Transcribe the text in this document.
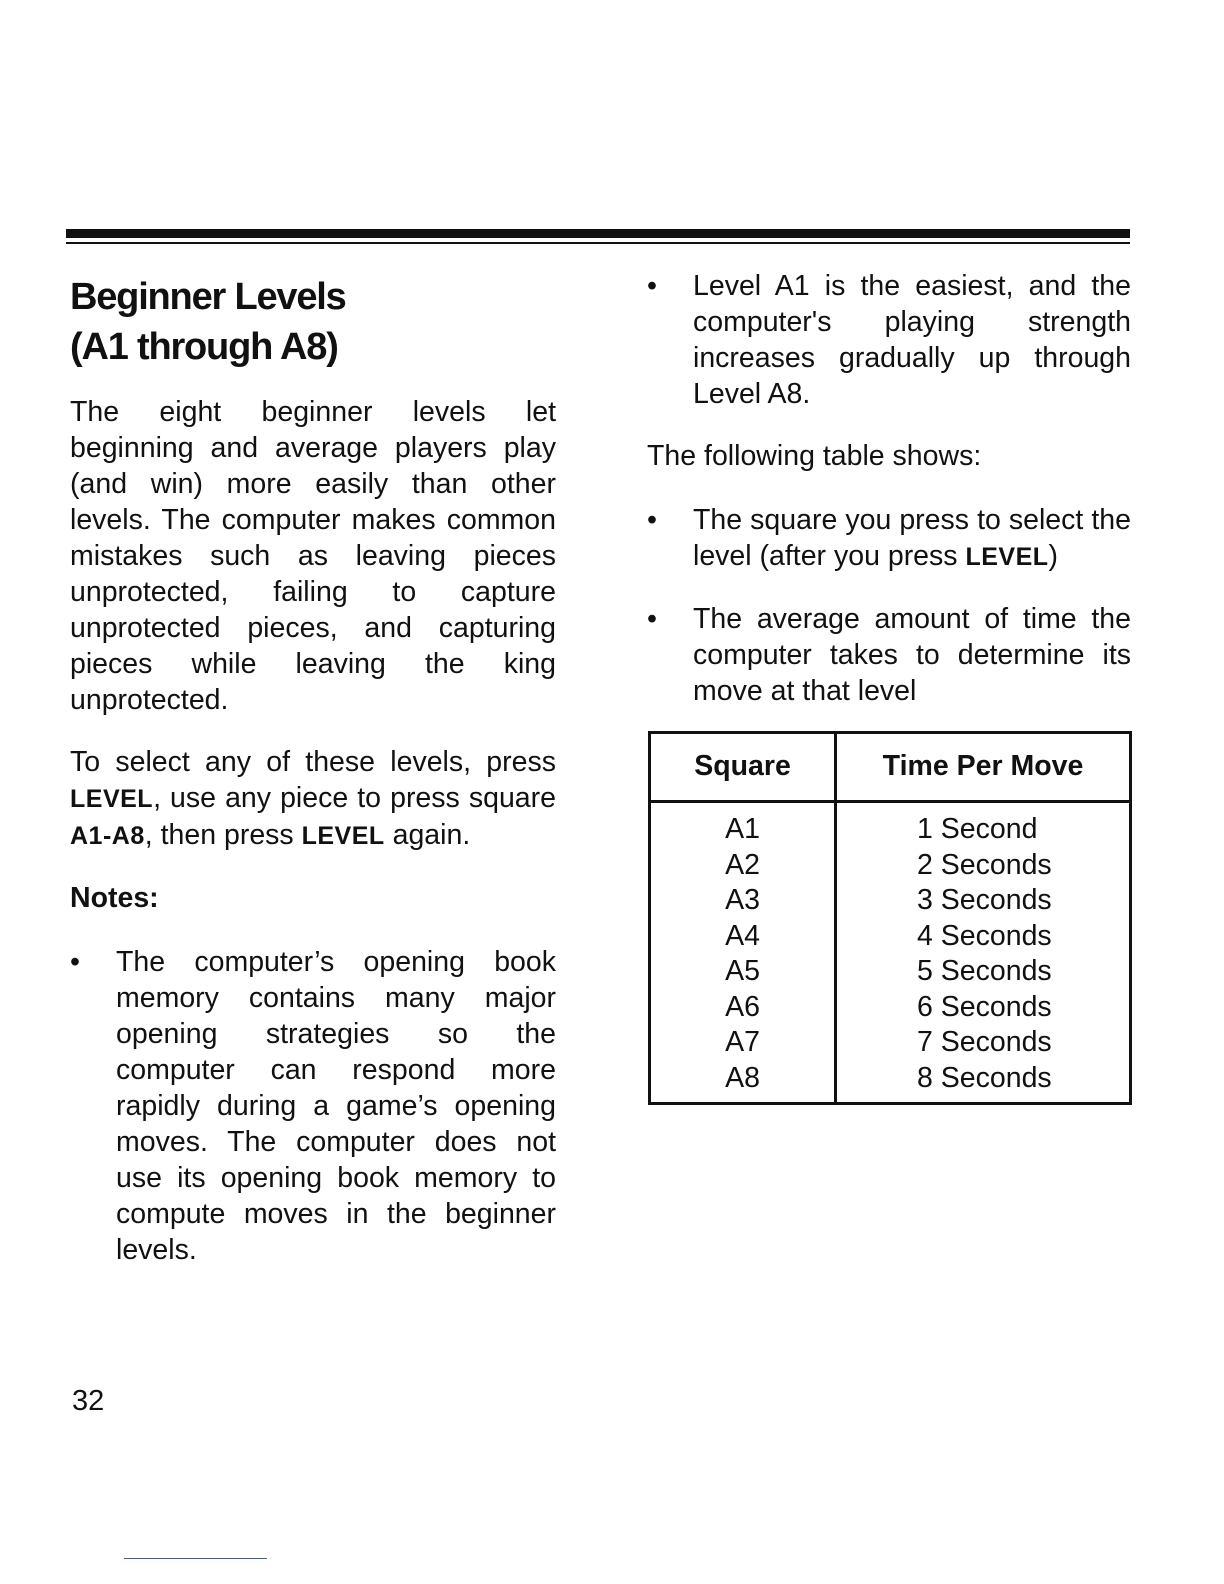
Beginner Levels
(A1 through A8)

The eight beginner levels let beginning and average players play (and win) more easily than other levels. The computer makes common mistakes such as leaving pieces unprotected, failing to capture unprotected pieces, and capturing pieces while leaving the king unprotected.

To select any of these levels, press LEVEL, use any piece to press square A1-A8, then press LEVEL again.

Notes:
•	The computer’s opening book memory contains many major opening strategies so the computer can respond more rapidly during a game’s opening moves. The computer does not use its opening book memory to compute moves in the beginner levels.
•	Level A1 is the easiest, and the computer's playing strength increases gradually up through Level A8.

The following table shows:

•	The square you press to select the level (after you press LEVEL)
•	The average amount of time the computer takes to determine its move at that level
Square	Time Per Move
A1	1 Second
A2	2 Seconds
A3	3 Seconds
A4	4 Seconds
A5	5 Seconds
A6	6 Seconds
A7	7 Seconds
A8	8 Seconds
32
